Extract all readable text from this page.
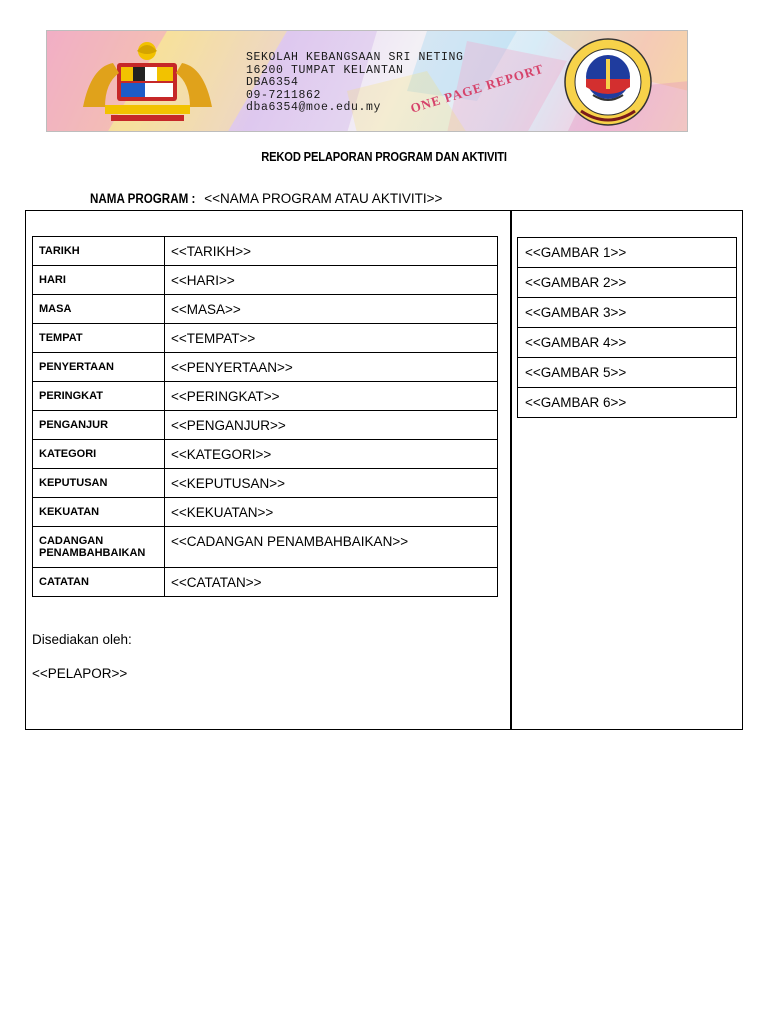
SEKOLAH KEBANGSAAN SRI NETING
16200 TUMPAT KELANTAN
DBA6354
09-7211862
dba6354@moe.edu.my	ONE PAGE REPORT
REKOD PELAPORAN PROGRAM DAN AKTIVITI
NAMA PROGRAM : <<NAMA PROGRAM ATAU AKTIVITI>>
TARIKH	<<TARIKH>>
HARI	<<HARI>>
MASA	<<MASA>>
TEMPAT	<<TEMPAT>>
PENYERTAAN	<<PENYERTAAN>>
PERINGKAT	<<PERINGKAT>>
PENGANJUR	<<PENGANJUR>>
KATEGORI	<<KATEGORI>>
KEPUTUSAN	<<KEPUTUSAN>>
KEKUATAN	<<KEKUATAN>>
CADANGAN PENAMBAHBAIKAN	<<CADANGAN PENAMBAHBAIKAN>>
CATATAN	<<CATATAN>>
Disediakan oleh:
<<PELAPOR>>
<<GAMBAR 1>>
<<GAMBAR 2>>
<<GAMBAR 3>>
<<GAMBAR 4>>
<<GAMBAR 5>>
<<GAMBAR 6>>
